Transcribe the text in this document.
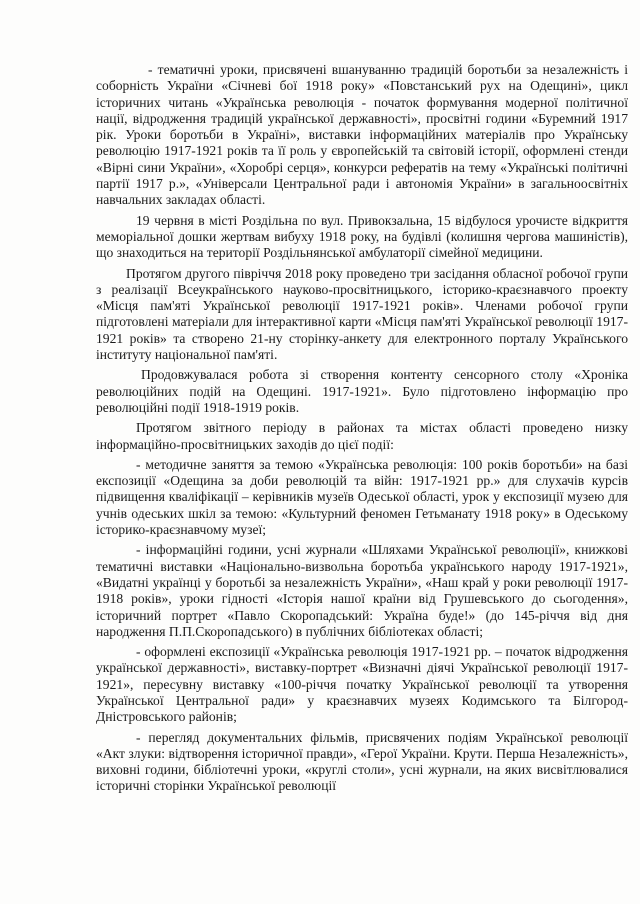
- тематичні уроки, присвячені вшануванню традицій боротьби за незалежність і соборність України «Січневі бої 1918 року» «Повстанський рух на Одещині», цикл історичних читань «Українська революція - початок формування модерної політичної нації, відродження традицій української державності», просвітні години «Буремний 1917 рік. Уроки боротьби в Україні», виставки інформаційних матеріалів про Українську революцію 1917-1921 років та її роль у європейській та світовій історії, оформлені стенди «Вірні сини України», «Хоробрі серця», конкурси рефератів на тему «Українські політичні партії 1917 р.», «Універсали Центральної ради і автономія України» в загальноосвітніх навчальних закладах області.

19 червня в місті Роздільна по вул. Привокзальна, 15 відбулося урочисте відкриття меморіальної дошки жертвам вибуху 1918 року, на будівлі (колишня чергова машиністів), що знаходиться на території Роздільнянської амбулаторії сімейної медицини.

Протягом другого півріччя 2018 року проведено три засідання обласної робочої групи з реалізації Всеукраїнського науково-просвітницького, історико-краєзнавчого проекту «Місця пам'яті Української революції 1917-1921 років». Членами робочої групи підготовлені матеріали для інтерактивної карти «Місця пам'яті Української революції 1917-1921 років» та створено 21-ну сторінку-анкету для електронного порталу Українського інституту національної пам'яті.

Продовжувалася робота зі створення контенту сенсорного столу «Хроніка революційних подій на Одещині. 1917-1921». Було підготовлено інформацію про революційні події 1918-1919 років.

Протягом звітного періоду в районах та містах області проведено низку інформаційно-просвітницьких заходів до цієї події:

- методичне заняття за темою «Українська революція: 100 років боротьби» на базі експозиції «Одещина за доби революцій та війн: 1917-1921 рр.» для слухачів курсів підвищення кваліфікації – керівників музеїв Одеської області, урок у експозиції музею для учнів одеських шкіл за темою: «Культурний феномен Гетьманату 1918 року» в Одеському історико-краєзнавчому музеї;

- інформаційні години, усні журнали «Шляхами Української революції», книжкові тематичні виставки «Національно-визвольна боротьба українського народу 1917-1921», «Видатні українці у боротьбі за незалежність України», «Наш край у роки революції 1917-1918 років», уроки гідності «Історія нашої країни від Грушевського до сьогодення», історичний портрет «Павло Скоропадський: Україна буде!» (до 145-річчя від дня народження П.П.Скоропадського) в публічних бібліотеках області;

- оформлені експозиції «Українська революція 1917-1921 рр. – початок відродження української державності», виставку-портрет «Визначні діячі Української революції 1917-1921», пересувну виставку «100-річчя початку Української революції та утворення Української Центральної ради» у краєзнавчих музеях Кодимського та Білгород-Дністровського районів;

- перегляд документальних фільмів, присвячених подіям Української революції «Акт злуки: відтворення історичної правди», «Герої України. Крути. Перша Незалежність», виховні години, бібліотечні уроки, «круглі столи», усні журнали, на яких висвітлювалися історичні сторінки Української революції
